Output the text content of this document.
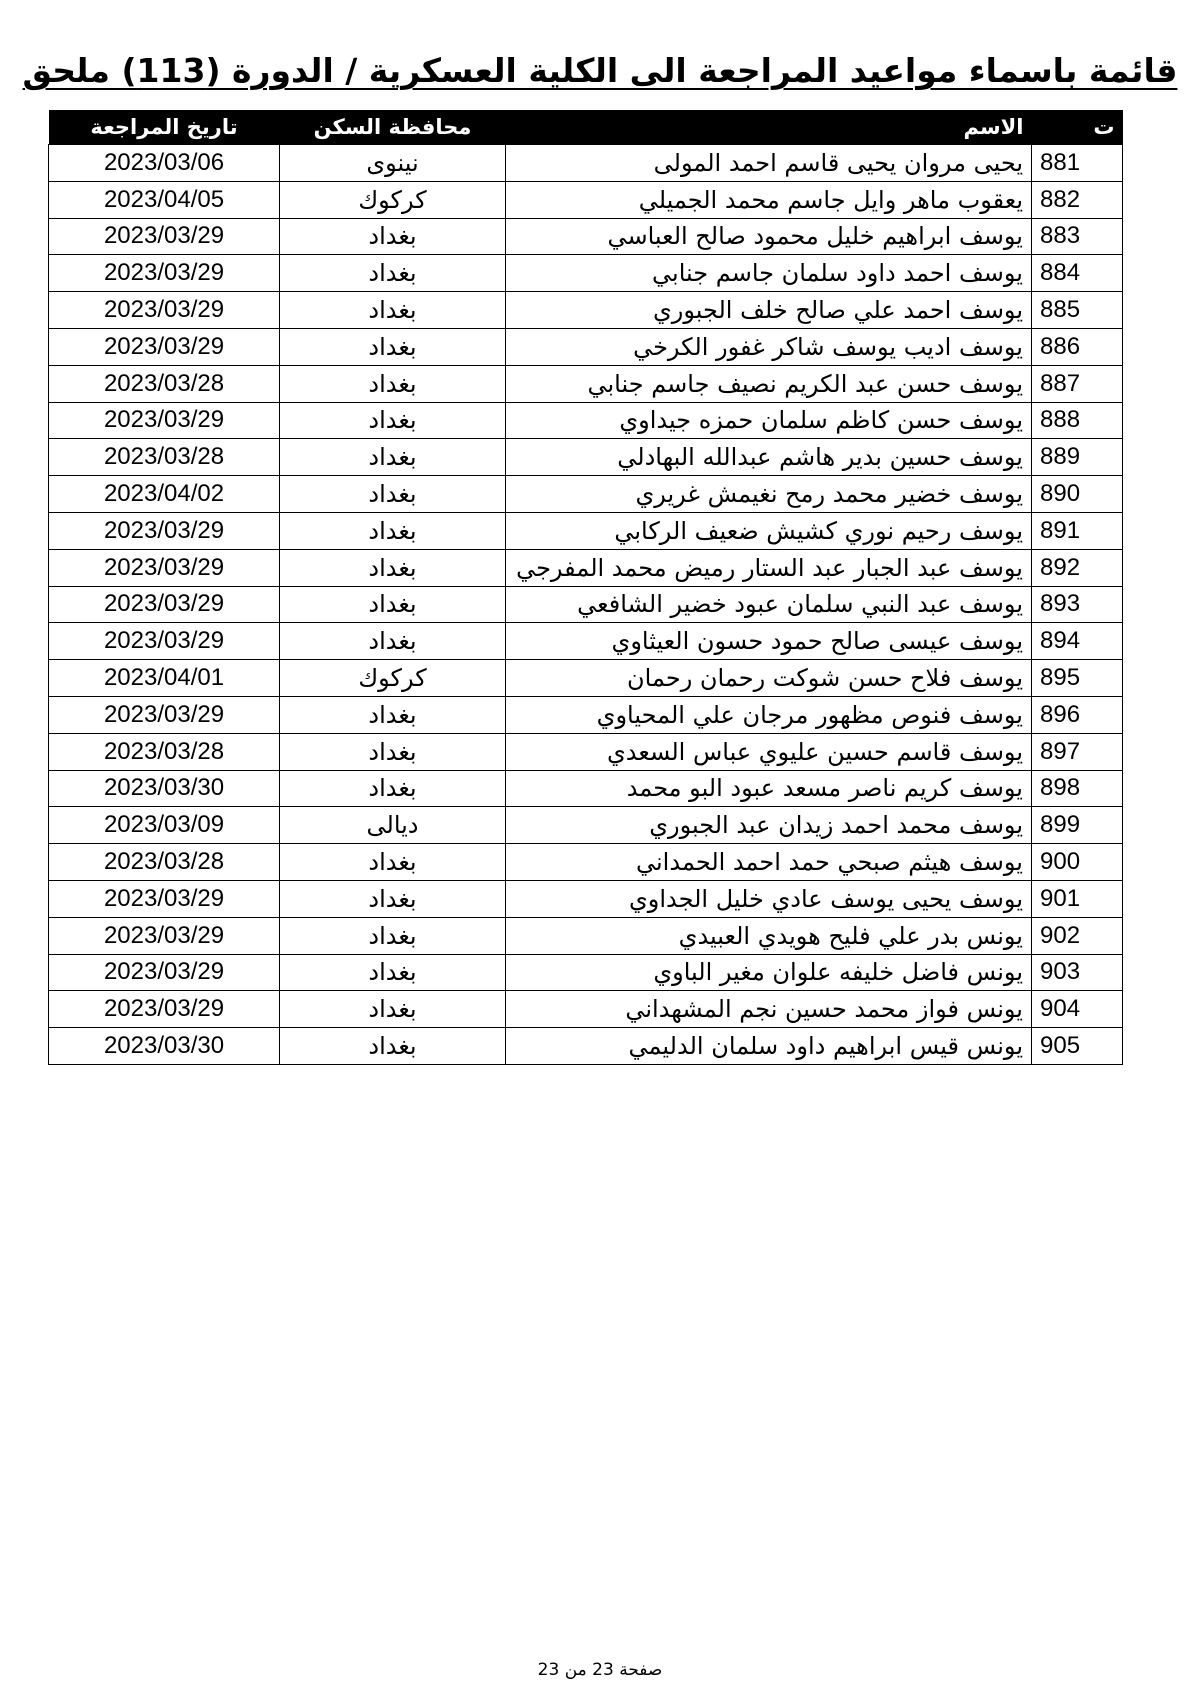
قائمة باسماء مواعيد المراجعة الى الكلية العسكرية / الدورة (113) ملحق
ت	الاسم	محافظة السكن	تاريخ المراجعة
881	يحيى مروان يحيى قاسم احمد المولى	نينوى	2023/03/06
882	يعقوب ماهر وايل جاسم محمد الجميلي	كركوك	2023/04/05
883	يوسف ابراهيم خليل محمود صالح العباسي	بغداد	2023/03/29
884	يوسف احمد داود سلمان جاسم جنابي	بغداد	2023/03/29
885	يوسف احمد علي صالح خلف الجبوري	بغداد	2023/03/29
886	يوسف اديب يوسف شاكر غفور الكرخي	بغداد	2023/03/29
887	يوسف حسن عبد الكريم نصيف جاسم جنابي	بغداد	2023/03/28
888	يوسف حسن كاظم سلمان حمزه جيداوي	بغداد	2023/03/29
889	يوسف حسين بدير هاشم عبدالله البهادلي	بغداد	2023/03/28
890	يوسف خضير محمد رمح نغيمش غريري	بغداد	2023/04/02
891	يوسف رحيم نوري كشيش ضعيف الركابي	بغداد	2023/03/29
892	يوسف عبد الجبار عبد الستار رميض محمد المفرجي	بغداد	2023/03/29
893	يوسف عبد النبي سلمان عبود خضير الشافعي	بغداد	2023/03/29
894	يوسف عيسى صالح حمود حسون العيثاوي	بغداد	2023/03/29
895	يوسف فلاح حسن شوكت رحمان رحمان	كركوك	2023/04/01
896	يوسف فنوص مظهور مرجان علي المحياوي	بغداد	2023/03/29
897	يوسف قاسم حسين عليوي عباس السعدي	بغداد	2023/03/28
898	يوسف كريم ناصر مسعد عبود البو محمد	بغداد	2023/03/30
899	يوسف محمد احمد زيدان عبد الجبوري	ديالى	2023/03/09
900	يوسف هيثم صبحي حمد احمد الحمداني	بغداد	2023/03/28
901	يوسف يحيى يوسف عادي خليل الجداوي	بغداد	2023/03/29
902	يونس بدر علي فليح هويدي العبيدي	بغداد	2023/03/29
903	يونس فاضل خليفه علوان مغير الباوي	بغداد	2023/03/29
904	يونس فواز محمد حسين نجم المشهداني	بغداد	2023/03/29
905	يونس قيس ابراهيم داود سلمان الدليمي	بغداد	2023/03/30
صفحة 23 من 23
